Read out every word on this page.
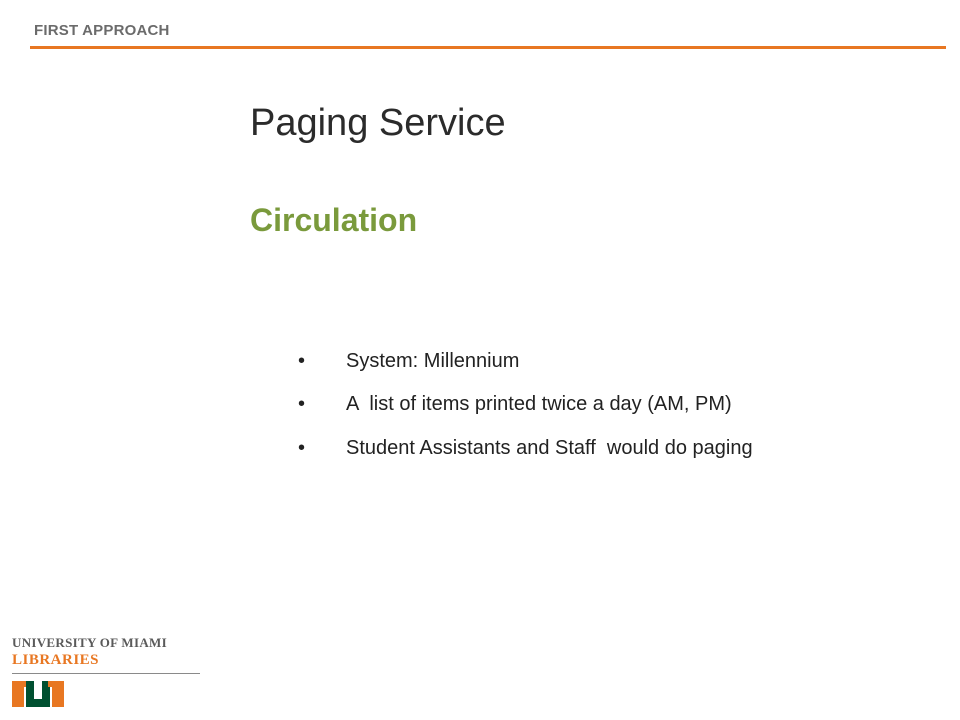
FIRST APPROACH
Paging Service
Circulation
•	System: Millennium
•	A  list of items printed twice a day (AM, PM)
•	Student Assistants and Staff  would do paging
UNIVERSITY OF MIAMI
LIBRARIES
